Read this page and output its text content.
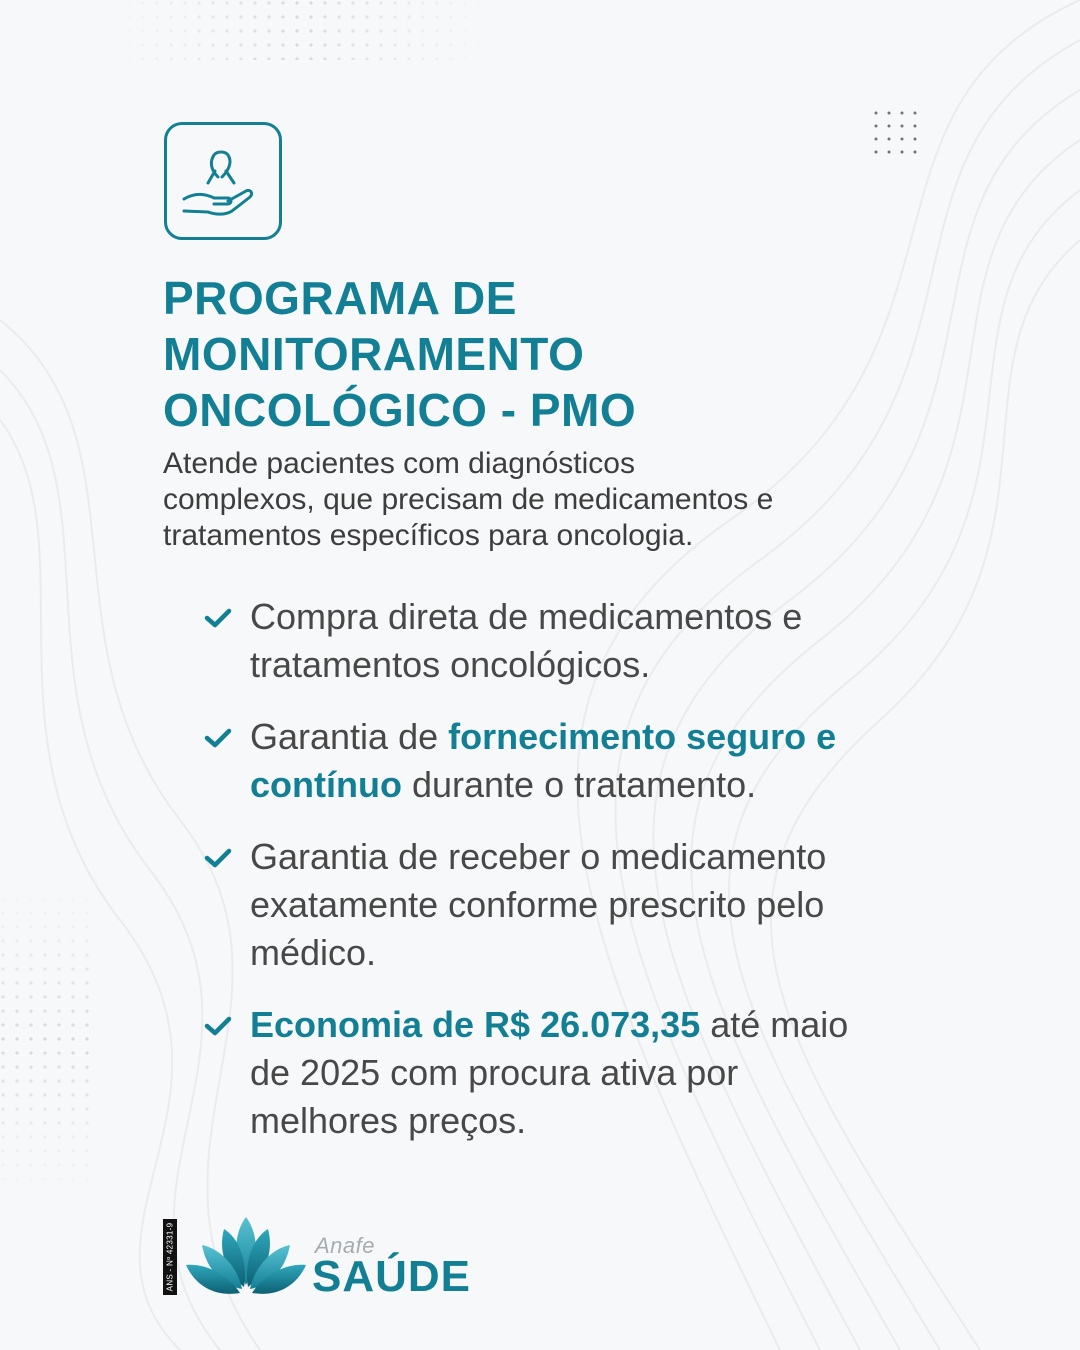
PROGRAMA DE
MONITORAMENTO
ONCOLÓGICO - PMO

Atende pacientes com diagnósticos
complexos, que precisam de medicamentos e
tratamentos específicos para oncologia.

Compra direta de medicamentos e
tratamentos oncológicos.
Garantia de fornecimento seguro e
contínuo durante o tratamento.
Garantia de receber o medicamento
exatamente conforme prescrito pelo
médico.
Economia de R$ 26.073,35 até maio
de 2025 com procura ativa por
melhores preços.
ANS - Nº 42331-9	Anafe
SAÚDE
